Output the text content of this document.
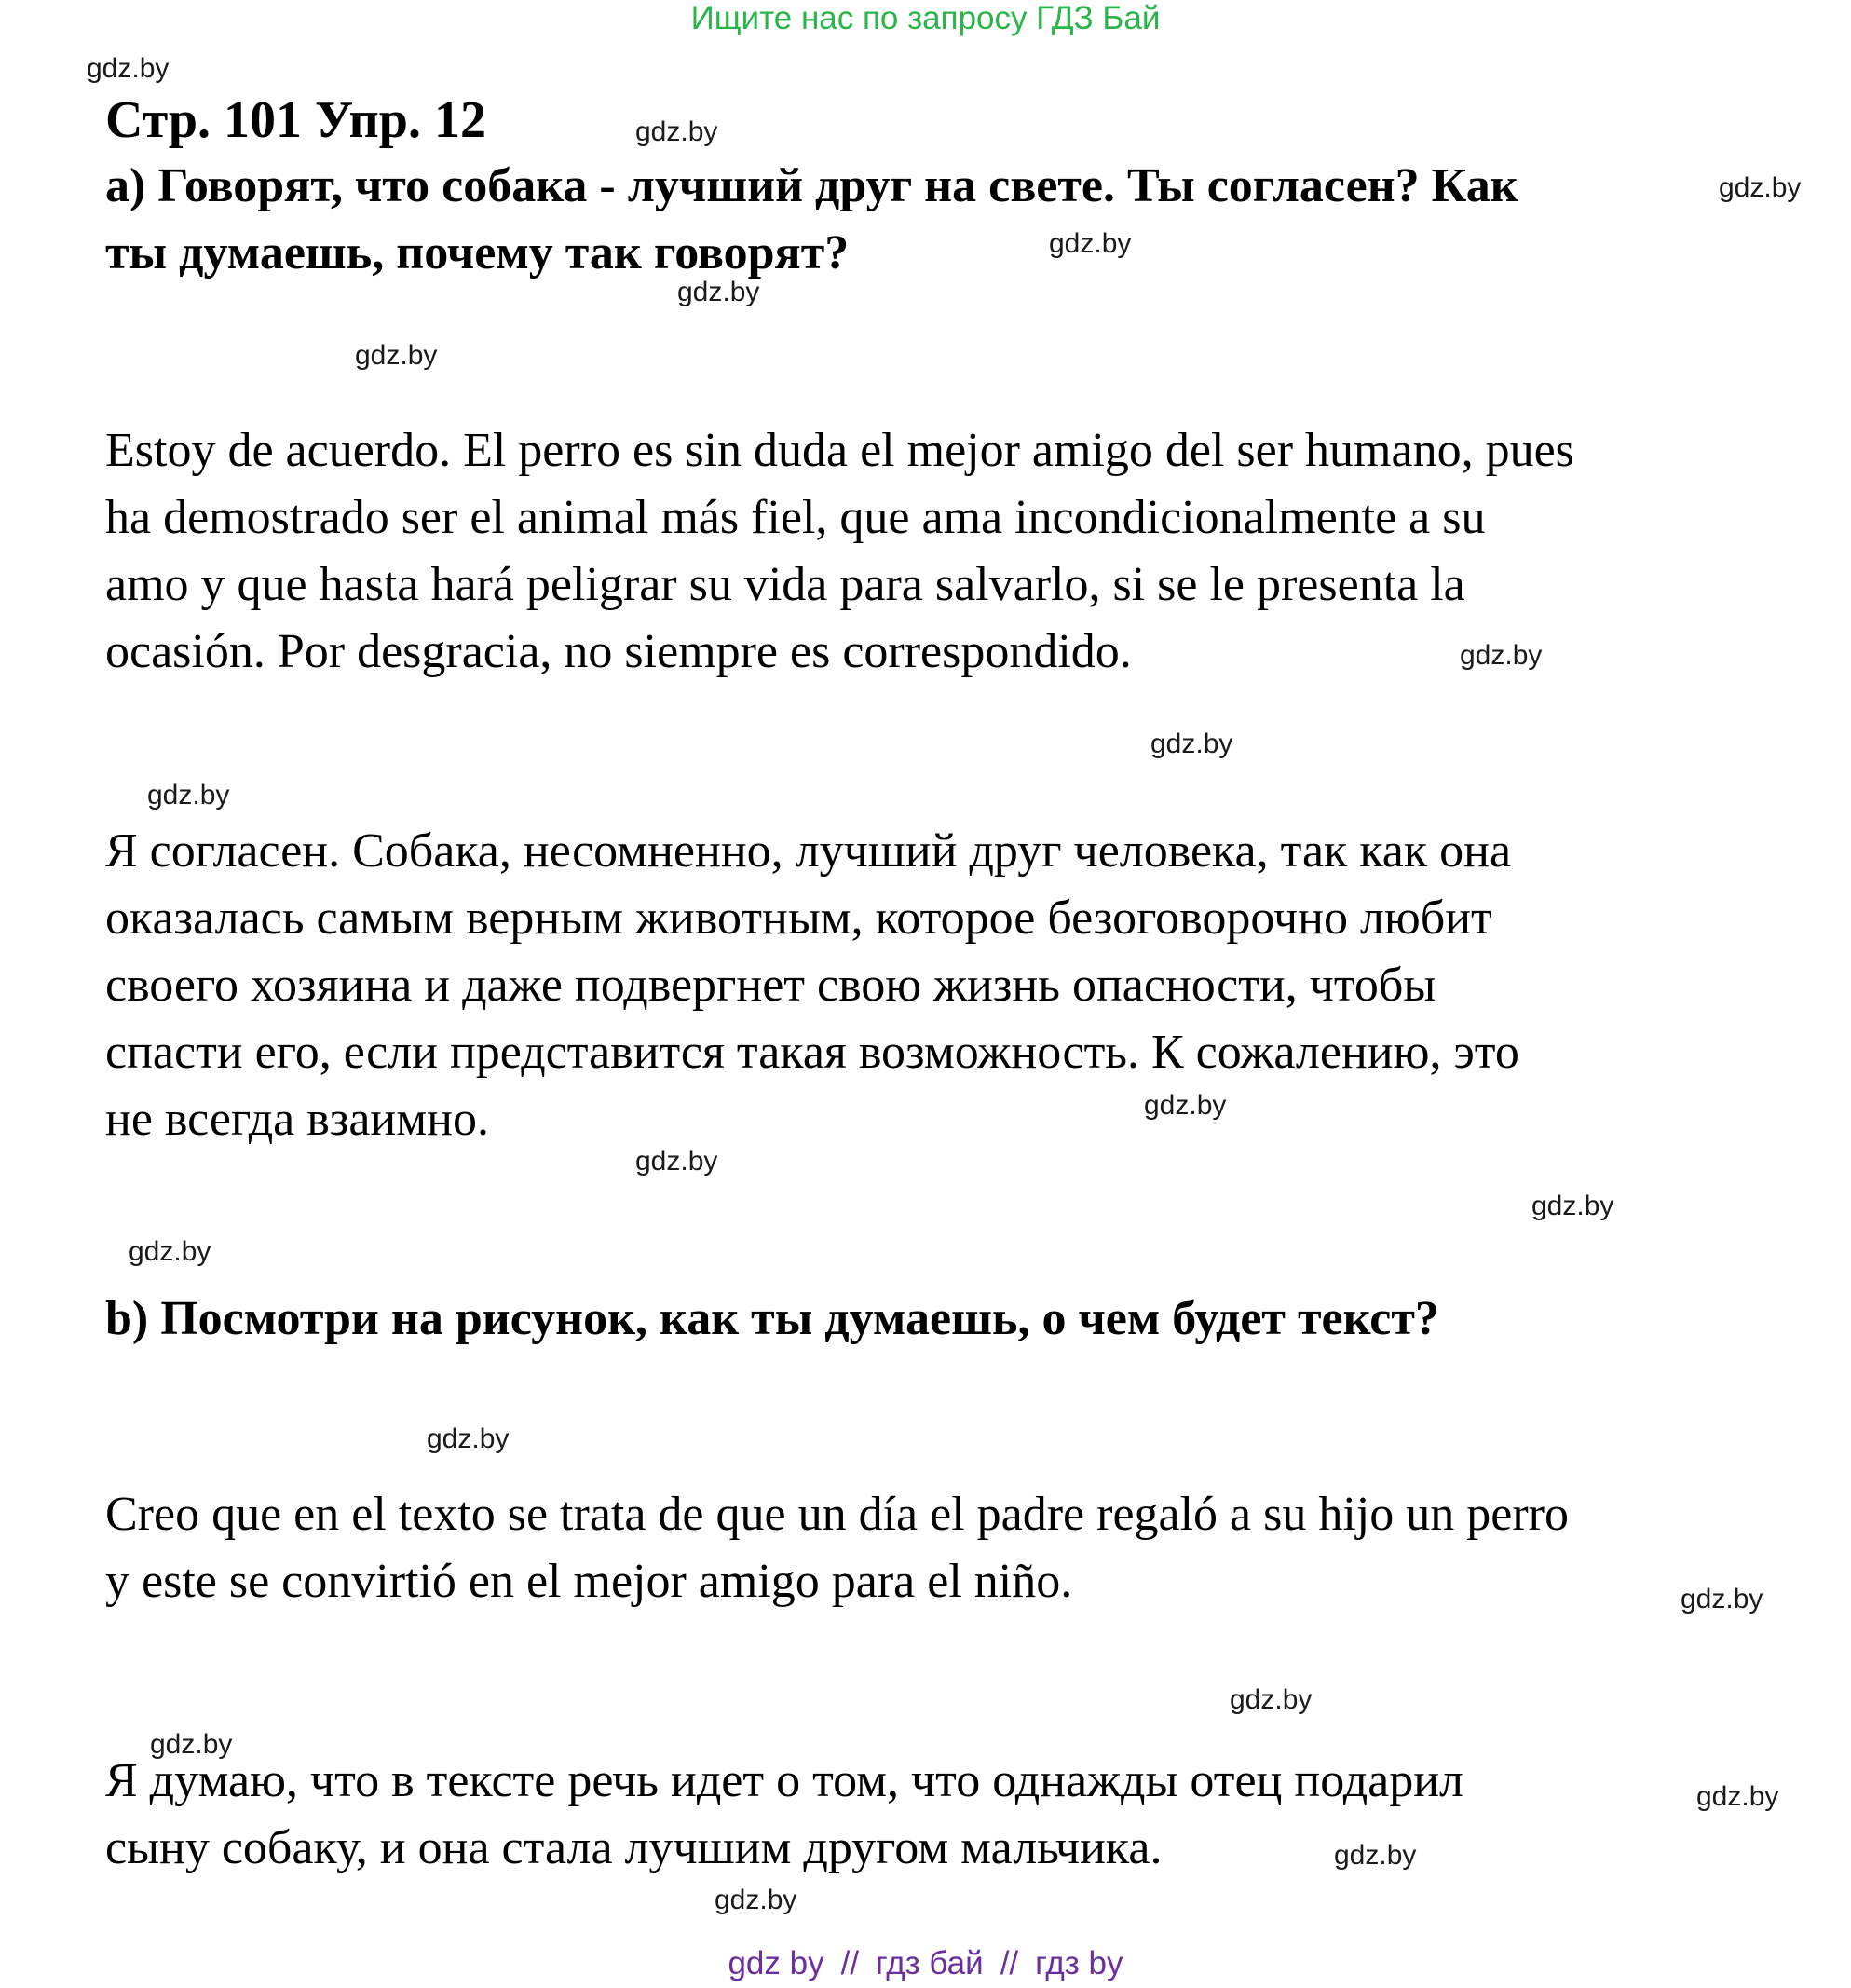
Ищите нас по запросу ГДЗ Бай
Стр. 101 Упр. 12
a) Говорят, что собака - лучший друг на свете. Ты согласен? Как
ты думаешь, почему так говорят?
Estoy de acuerdo. El perro es sin duda el mejor amigo del ser humano, pues
ha demostrado ser el animal más fiel, que ama incondicionalmente a su
amo y que hasta hará peligrar su vida para salvarlo, si se le presenta la
ocasión. Por desgracia, no siempre es correspondido.
Я согласен. Собака, несомненно, лучший друг человека, так как она
оказалась самым верным животным, которое безоговорочно любит
своего хозяина и даже подвергнет свою жизнь опасности, чтобы
спасти его, если представится такая возможность. К сожалению, это
не всегда взаимно.
b) Посмотри на рисунок, как ты думаешь, о чем будет текст?
Creo que en el texto se trata de que un día el padre regaló a su hijo un perro
y este se convirtió en el mejor amigo para el niño.
Я думаю, что в тексте речь идет о том, что однажды отец подарил
сыну собаку, и она стала лучшим другом мальчика.
gdz.by
gdz.by
gdz.by
gdz.by
gdz.by
gdz.by
gdz.by
gdz.by
gdz.by
gdz.by
gdz.by
gdz.by
gdz.by
gdz.by
gdz.by
gdz.by
gdz.by
gdz.by
gdz.by
gdz.by
gdz by // гдз бай // гдз by
